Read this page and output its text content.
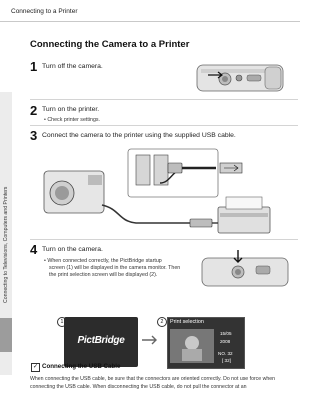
Connecting to a Printer
Connecting to Televisions, Computers and Printers
Connecting the Camera to a Printer
1 Turn off the camera.
2 Turn on the printer.
• Check printer settings.
3 Connect the camera to the printer using the supplied USB cable.
4 Turn on the camera.
• When connected correctly, the PictBridge startup
screen (1) will be displayed in the camera monitor. Then
the print selection screen will be displayed (2).
1
PictBridge
2	Print selection
15/05
2008
NO. 32
[ 32]
✓ Connecting the USB Cable
When connecting the USB cable, be sure that the connectors are oriented correctly. Do not use force when connecting the USB cable. When disconnecting the USB cable, do not pull the connector at an
